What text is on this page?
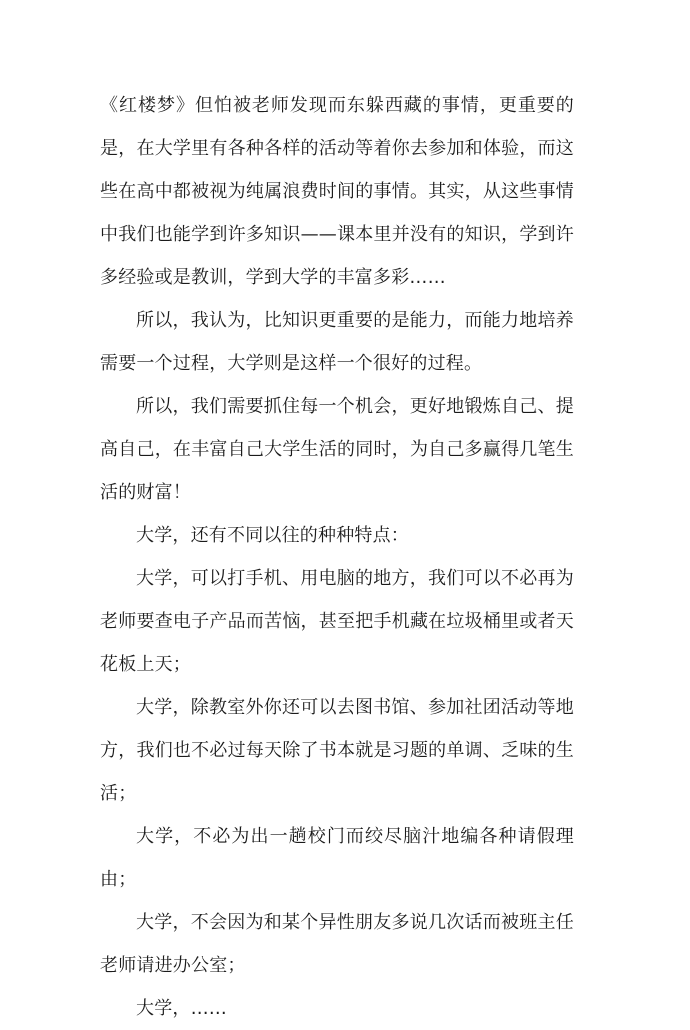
《红楼梦》但怕被老师发现而东躲西藏的事情，更重要的是，在大学里有各种各样的活动等着你去参加和体验，而这些在高中都被视为纯属浪费时间的事情。其实，从这些事情中我们也能学到许多知识——课本里并没有的知识，学到许多经验或是教训，学到大学的丰富多彩……

所以，我认为，比知识更重要的是能力，而能力地培养需要一个过程，大学则是这样一个很好的过程。

所以，我们需要抓住每一个机会，更好地锻炼自己、提高自己，在丰富自己大学生活的同时，为自己多赢得几笔生活的财富！

大学，还有不同以往的种种特点：

大学，可以打手机、用电脑的地方，我们可以不必再为老师要查电子产品而苦恼，甚至把手机藏在垃圾桶里或者天花板上天；

大学，除教室外你还可以去图书馆、参加社团活动等地方，我们也不必过每天除了书本就是习题的单调、乏味的生活；

大学，不必为出一趟校门而绞尽脑汁地编各种请假理由；

大学，不会因为和某个异性朋友多说几次话而被班主任老师请进办公室；

大学，……
